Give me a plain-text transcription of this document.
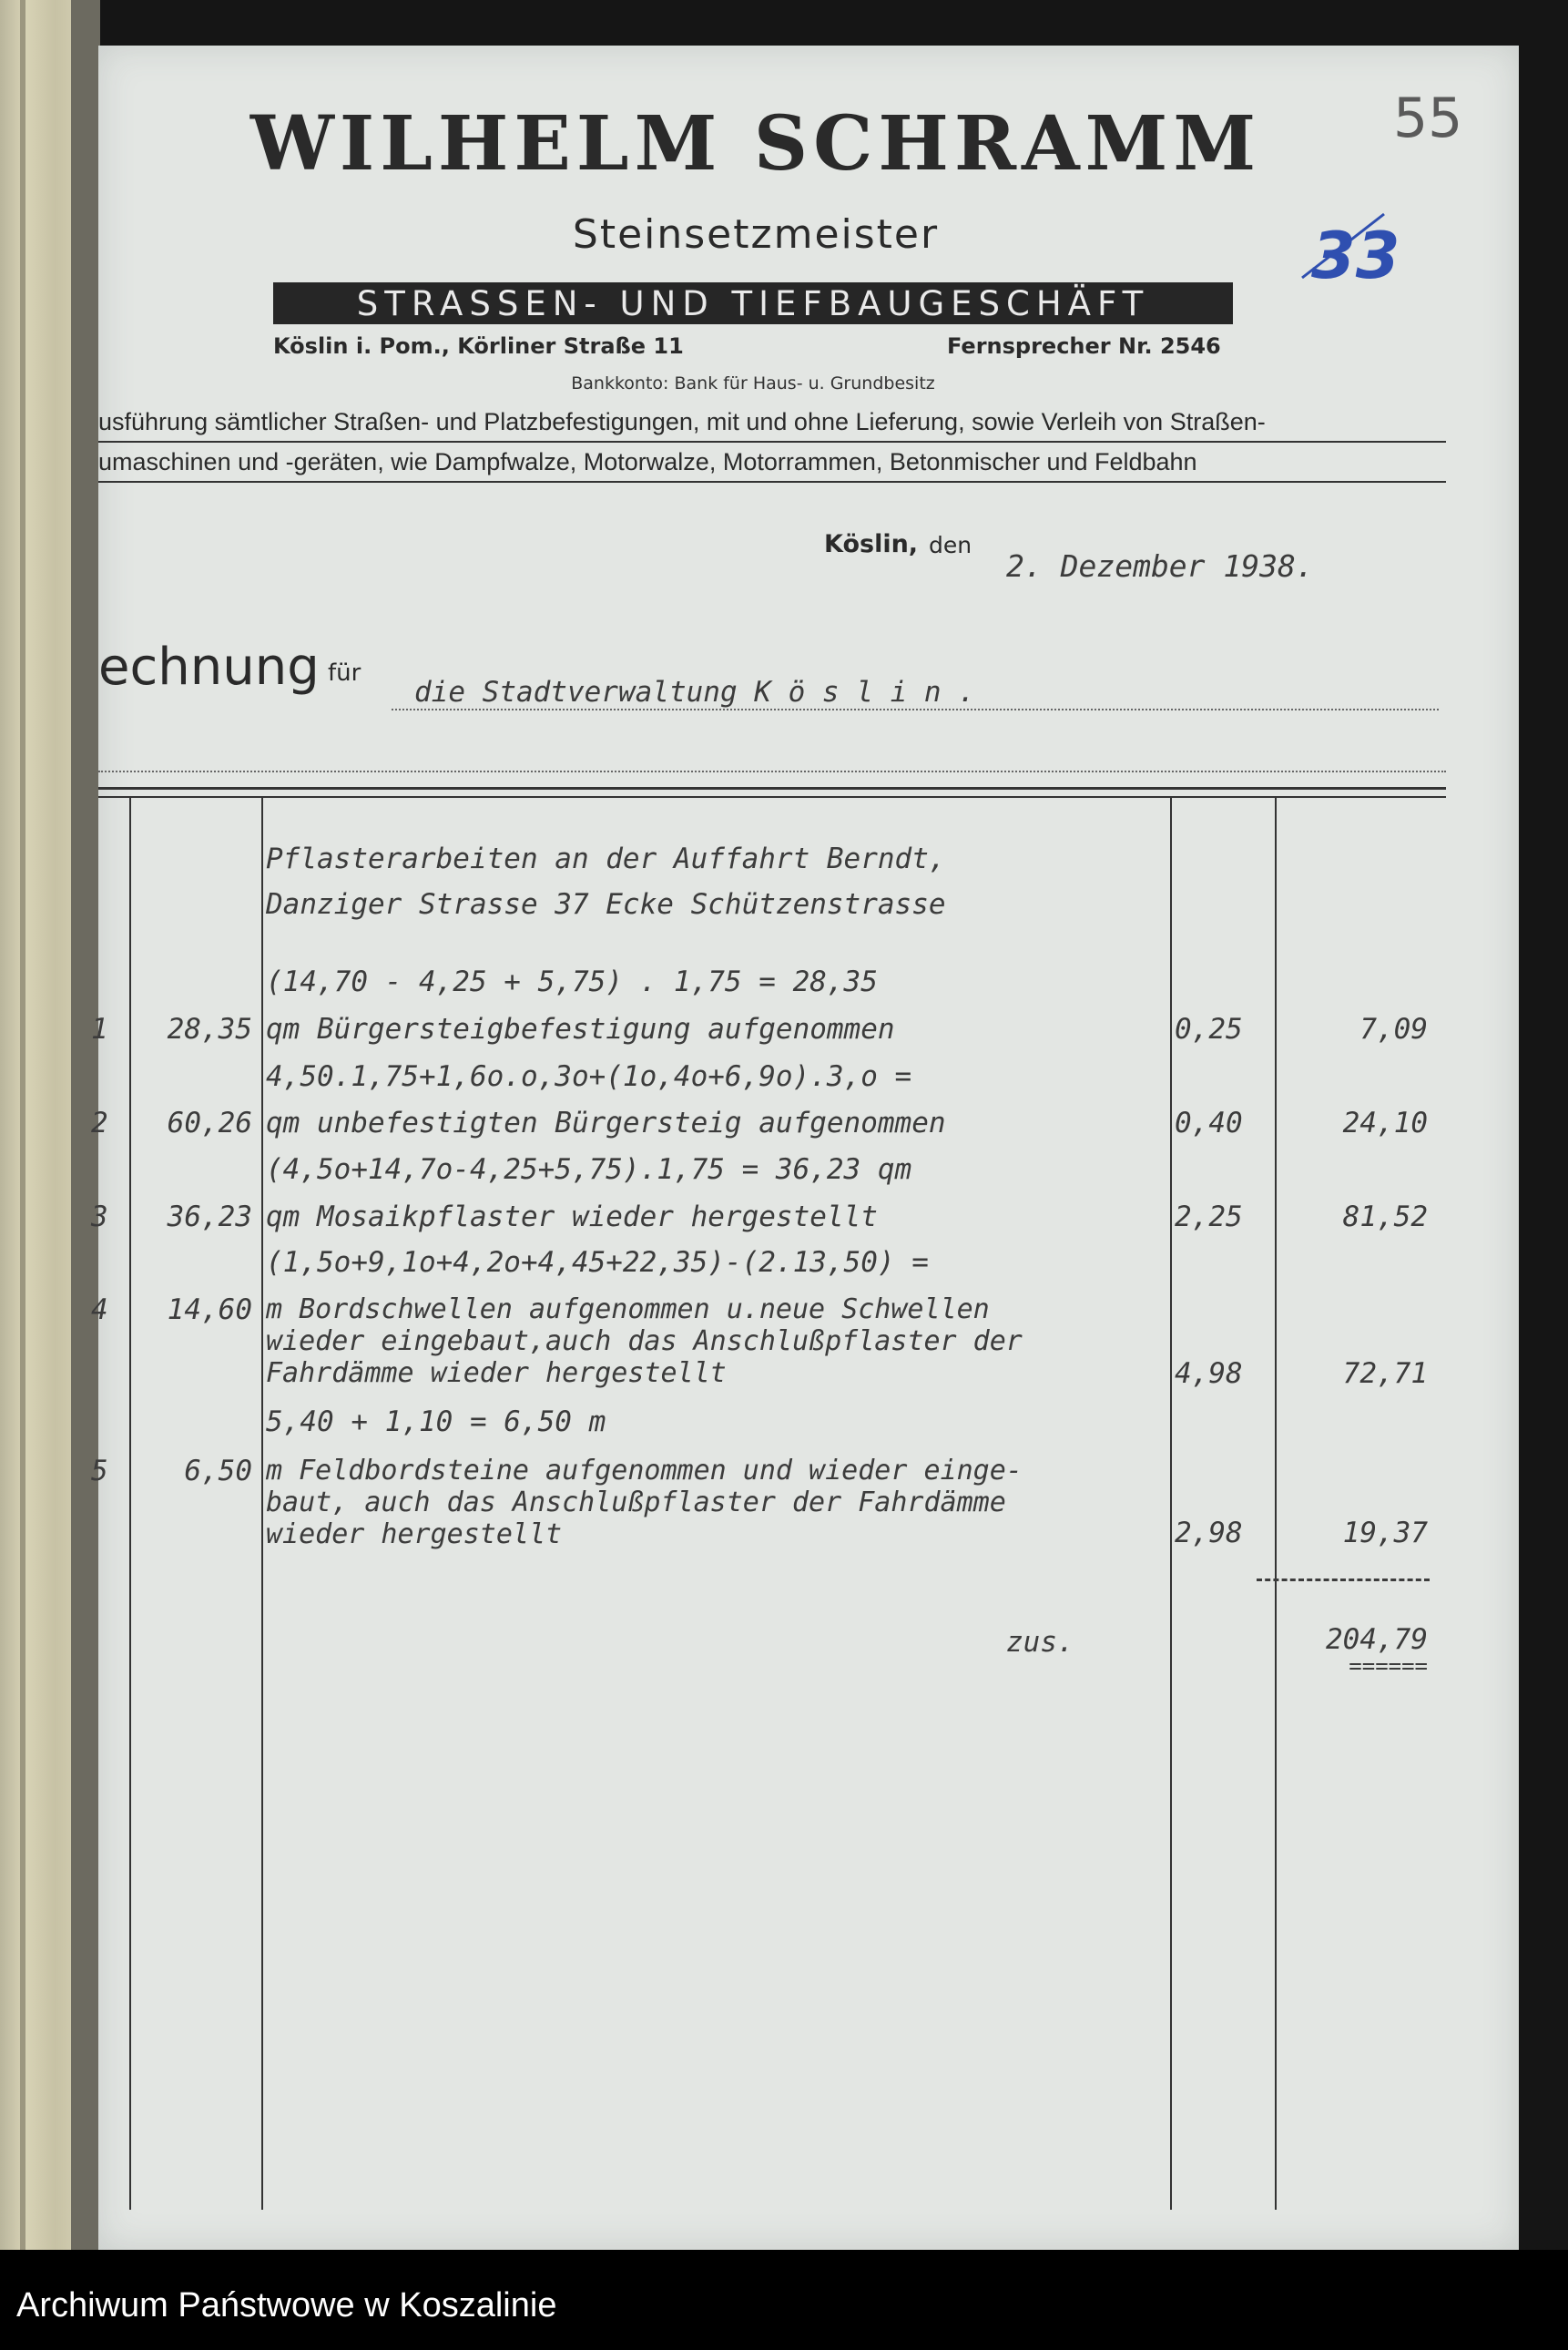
WILHELM SCHRAMM
Steinsetzmeister
STRASSEN- UND TIEFBAUGESCHÄFT
Köslin i. Pom., Körliner Straße 11	Fernsprecher Nr. 2546
Bankkonto: Bank für Haus- u. Grundbesitz
usführung sämtlicher Straßen- und Platzbefestigungen, mit und ohne Lieferung, sowie Verleih von Straßen-
umaschinen und -geräten, wie Dampfwalze, Motorwalze, Motorrammen, Betonmischer und Feldbahn
55
33
Köslin, den
2. Dezember 1938.
echnung für
die Stadtverwaltung K ö s l i n .
Pflasterarbeiten an der Auffahrt Berndt,
Danziger Strasse 37 Ecke Schützenstrasse
(14,70 - 4,25 + 5,75) . 1,75 = 28,35
1	28,35 qm Bürgersteigbefestigung aufgenommen	0,25	7,09
4,50.1,75+1,6o.o,3o+(1o,4o+6,9o).3,o =
2	60,26 qm unbefestigten Bürgersteig aufgenommen	0,40	24,10
(4,5o+14,7o-4,25+5,75).1,75 = 36,23 qm
3	36,23 qm Mosaikpflaster wieder hergestellt	2,25	81,52
(1,5o+9,1o+4,2o+4,45+22,35)-(2.13,50) =
4	14,60 m Bordschwellen aufgenommen u.neue Schwellen
wieder eingebaut,auch das Anschlußpflaster der
Fahrdämme wieder hergestellt	4,98	72,71
5,40 + 1,10 = 6,50 m
5	6,50 m Feldbordsteine aufgenommen und wieder einge-
baut, auch das Anschlußpflaster der Fahrdämme
wieder hergestellt	2,98	19,37
zus.	204,79
======
Archiwum Państwowe w Koszalinie
